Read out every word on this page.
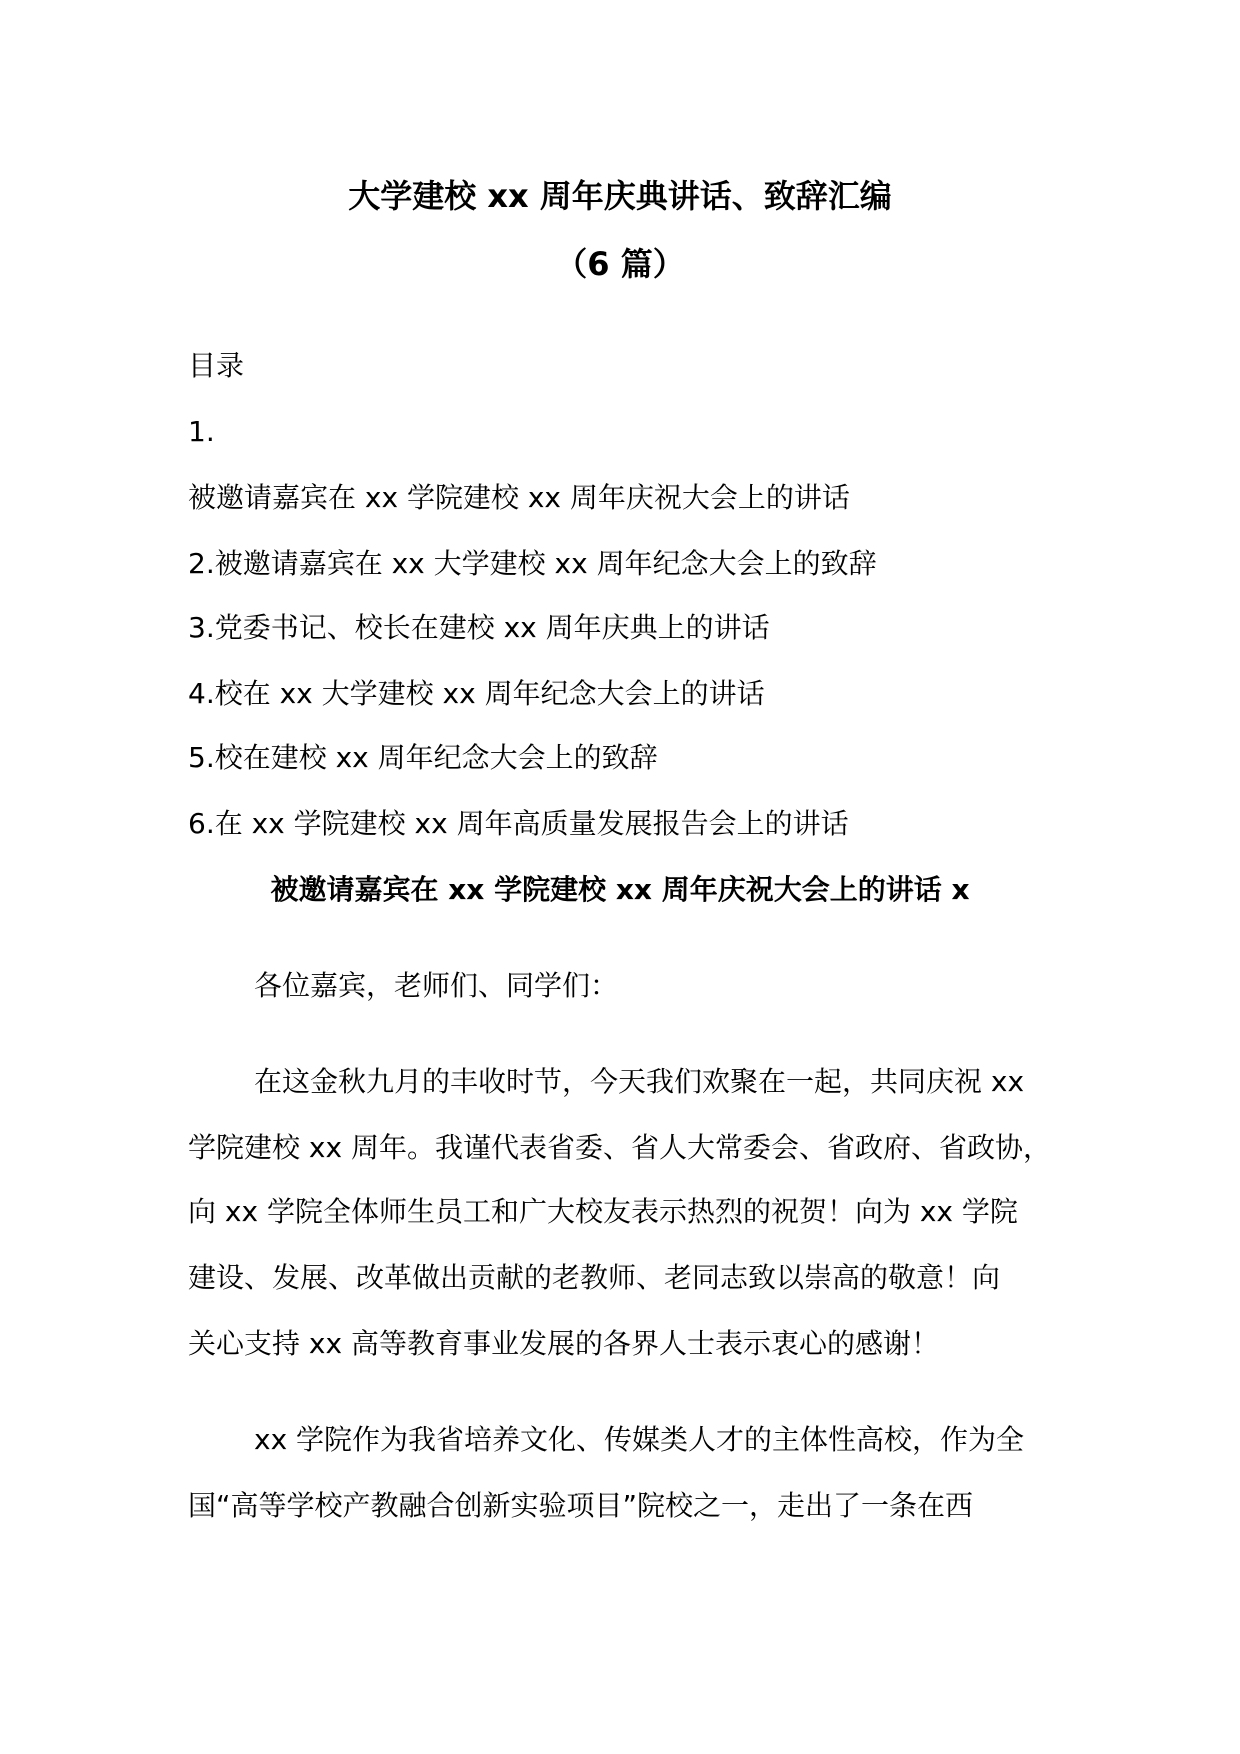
大学建校 xx 周年庆典讲话、致辞汇编
（6 篇）
目录
1.
被邀请嘉宾在 xx 学院建校 xx 周年庆祝大会上的讲话
2.被邀请嘉宾在 xx 大学建校 xx 周年纪念大会上的致辞
3.党委书记、校长在建校 xx 周年庆典上的讲话
4.校在 xx 大学建校 xx 周年纪念大会上的讲话
5.校在建校 xx 周年纪念大会上的致辞
6.在 xx 学院建校 xx 周年高质量发展报告会上的讲话
被邀请嘉宾在 xx 学院建校 xx 周年庆祝大会上的讲话 x
各位嘉宾，老师们、同学们：
在这金秋九月的丰收时节，今天我们欢聚在一起，共同庆祝 xx
学院建校 xx 周年。我谨代表省委、省人大常委会、省政府、省政协，
向 xx 学院全体师生员工和广大校友表示热烈的祝贺！向为 xx 学院
建设、发展、改革做出贡献的老教师、老同志致以崇高的敬意！向
关心支持 xx 高等教育事业发展的各界人士表示衷心的感谢！
xx 学院作为我省培养文化、传媒类人才的主体性高校，作为全
国“高等学校产教融合创新实验项目”院校之一，走出了一条在西
